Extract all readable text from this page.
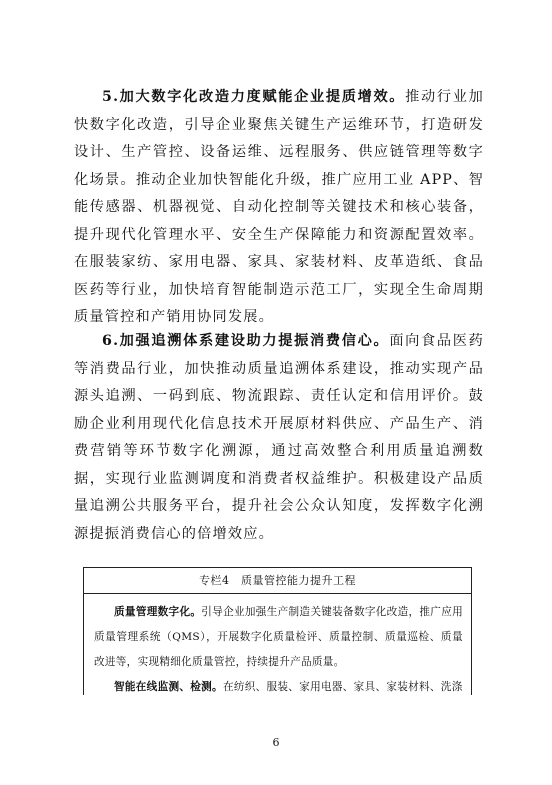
5.加大数字化改造力度赋能企业提质增效。推动行业加快数字化改造，引导企业聚焦关键生产运维环节，打造研发设计、生产管控、设备运维、远程服务、供应链管理等数字化场景。推动企业加快智能化升级，推广应用工业 APP、智能传感器、机器视觉、自动化控制等关键技术和核心装备，提升现代化管理水平、安全生产保障能力和资源配置效率。在服装家纺、家用电器、家具、家装材料、皮革造纸、食品医药等行业，加快培育智能制造示范工厂，实现全生命周期质量管控和产销用协同发展。

6.加强追溯体系建设助力提振消费信心。面向食品医药等消费品行业，加快推动质量追溯体系建设，推动实现产品源头追溯、一码到底、物流跟踪、责任认定和信用评价。鼓励企业利用现代化信息技术开展原材料供应、产品生产、消费营销等环节数字化溯源，通过高效整合利用质量追溯数据，实现行业监测调度和消费者权益维护。积极建设产品质量追溯公共服务平台，提升社会公众认知度，发挥数字化溯源提振消费信心的倍增效应。

专栏4　质量管控能力提升工程
质量管理数字化。引导企业加强生产制造关键装备数字化改造，推广应用质量管理系统（QMS），开展数字化质量检评、质量控制、质量巡检、质量改进等，实现精细化质量管控，持续提升产品质量。
智能在线监测、检测。在纺织、服装、家用电器、家具、家装材料、洗涤
6
